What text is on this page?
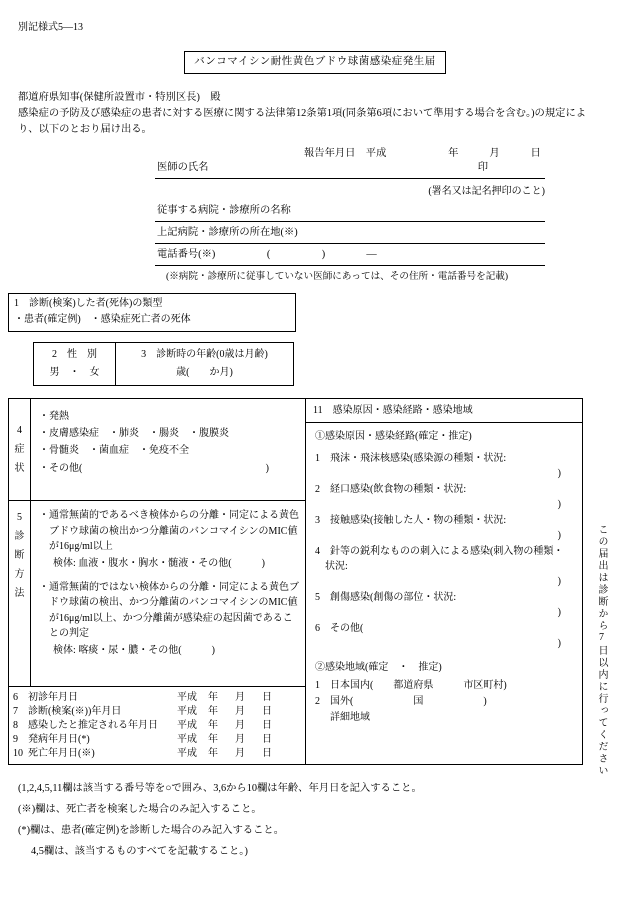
別記様式5—13
バンコマイシン耐性黄色ブドウ球菌感染症発生届
都道府県知事(保健所設置市・特別区長)　殿
感染症の予防及び感染症の患者に対する医療に関する法律第12条第1項(同条第6項において準用する場合を含む。)の規定により、以下のとおり届け出る。
報告年月日　平成　　　　　　年　　　月　　　日
医師の氏名	印
(署名又は記名押印のこと)
従事する病院・診療所の名称
上記病院・診療所の所在地(※)
電話番号(※)　　　　　(　　　　　)　　　　—
(※病院・診療所に従事していない医師にあっては、その住所・電話番号を記載)
1　診断(検案)した者(死体)の類型
・患者(確定例)　・感染症死亡者の死体
2　性　別
男　・　女
3　診断時の年齢(0歳は月齢)
歳(　　か月)
4
症
状
・発熱
・皮膚感染症　・肺炎　・腸炎　・腹膜炎
・骨髄炎　・菌血症　・免疫不全
・その他(	)
5
診
断
方
法
・通常無菌的であるべき検体からの分離・同定による黄色ブドウ球菌の検出かつ分離菌のバンコマイシンのMIC値が16μg/ml以上
検体: 血液・腹水・胸水・髄液・その他(　　　)
・通常無菌的ではない検体からの分離・同定による黄色ブドウ球菌の検出、かつ分離菌のバンコマイシンのMIC値が16μg/ml以上、かつ分離菌が感染症の起因菌であることの判定
検体: 喀痰・尿・膿・その他(　　　)
6	初診年月日	平成	年	月	日
7	診断(検案(※))年月日	平成	年	月	日
8	感染したと推定される年月日	平成	年	月	日
9	発病年月日(*)	平成	年	月	日
10 死亡年月日(※)	平成	年	月	日
11　感染原因・感染経路・感染地域
①感染原因・感染経路(確定・推定)
1　飛沫・飛沫核感染(感染源の種類・状況:
)
2　経口感染(飲食物の種類・状況:
)
3　接触感染(接触した人・物の種類・状況:
)
4　針等の鋭利なものの刺入による感染(刺入物の種類・状況:
)
5　創傷感染(創傷の部位・状況:
)
6　その他(
)
②感染地域(確定　・　推定)
1　日本国内(　　都道府県　　　市区町村)
2　国外(　　　　　　国　　　　　　)
詳細地域	この届出は診断から7日以内に行ってください
(1,2,4,5,11欄は該当する番号等を○で囲み、3,6から10欄は年齢、年月日を記入すること。
(※)欄は、死亡者を検案した場合のみ記入すること。
(*)欄は、患者(確定例)を診断した場合のみ記入すること。
4,5欄は、該当するものすべてを記載すること。)
